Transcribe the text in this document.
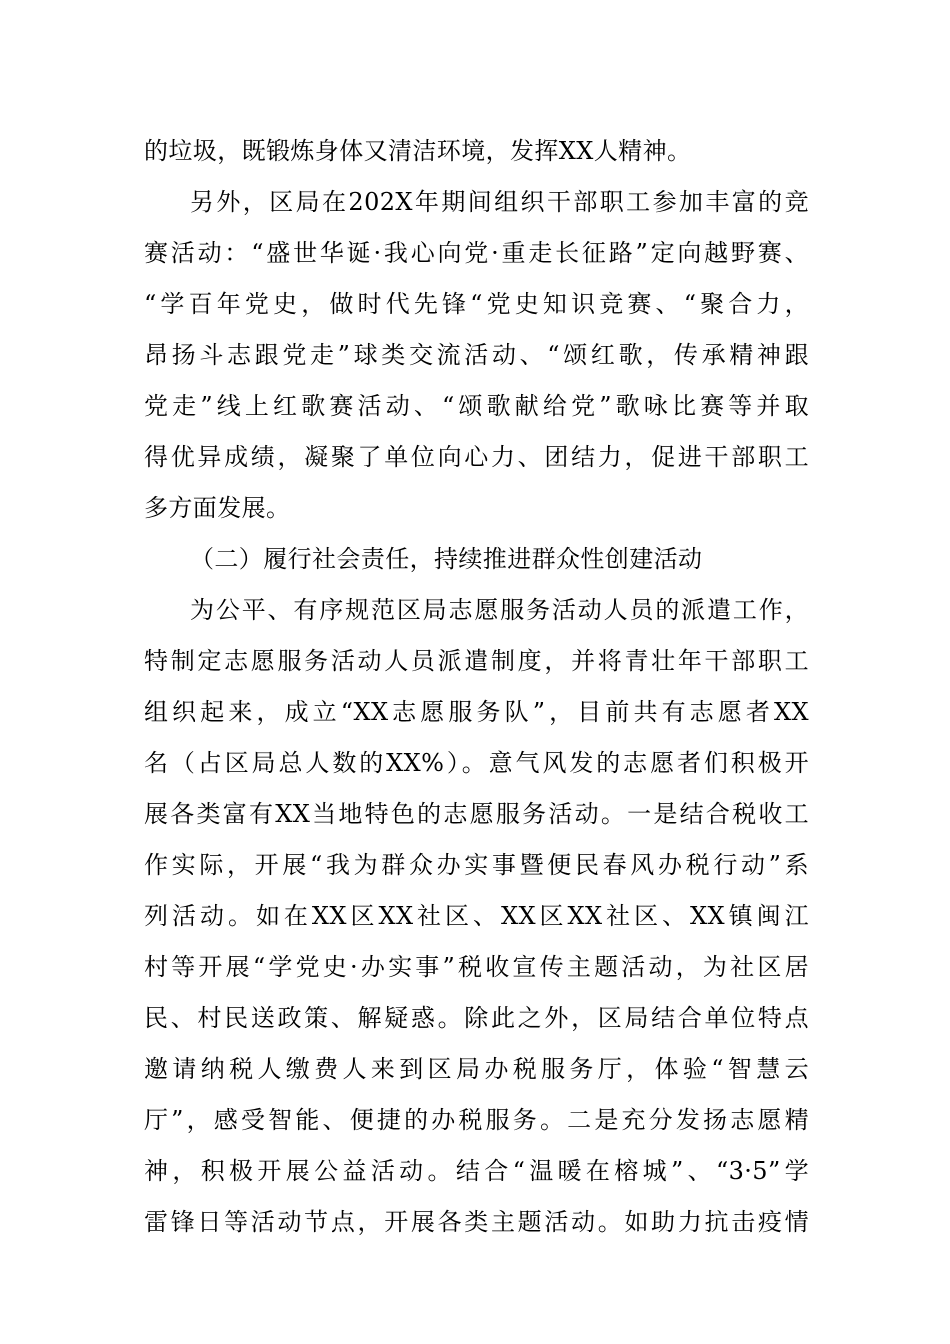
的垃圾，既锻炼身体又清洁环境，发挥XX人精神。
另外，区局在202X年期间组织干部职工参加丰富的竞
赛活动：“盛世华诞·我心向党·重走长征路”定向越野赛、
“学百年党史，做时代先锋“党史知识竞赛、“聚合力，
昂扬斗志跟党走”球类交流活动、“颂红歌，传承精神跟
党走”线上红歌赛活动、“颂歌献给党”歌咏比赛等并取
得优异成绩，凝聚了单位向心力、团结力，促进干部职工
多方面发展。
（二）履行社会责任，持续推进群众性创建活动
为公平、有序规范区局志愿服务活动人员的派遣工作，
特制定志愿服务活动人员派遣制度，并将青壮年干部职工
组织起来，成立“XX志愿服务队”，目前共有志愿者XX
名（占区局总人数的XX%）。意气风发的志愿者们积极开
展各类富有XX当地特色的志愿服务活动。一是结合税收工
作实际，开展“我为群众办实事暨便民春风办税行动”系
列活动。如在XX区XX社区、XX区XX社区、XX镇闽江
村等开展“学党史·办实事”税收宣传主题活动，为社区居
民、村民送政策、解疑惑。除此之外，区局结合单位特点
邀请纳税人缴费人来到区局办税服务厅，体验“智慧云
厅”，感受智能、便捷的办税服务。二是充分发扬志愿精
神，积极开展公益活动。结合“温暖在榕城”、“3·5”学
雷锋日等活动节点，开展各类主题活动。如助力抗击疫情
